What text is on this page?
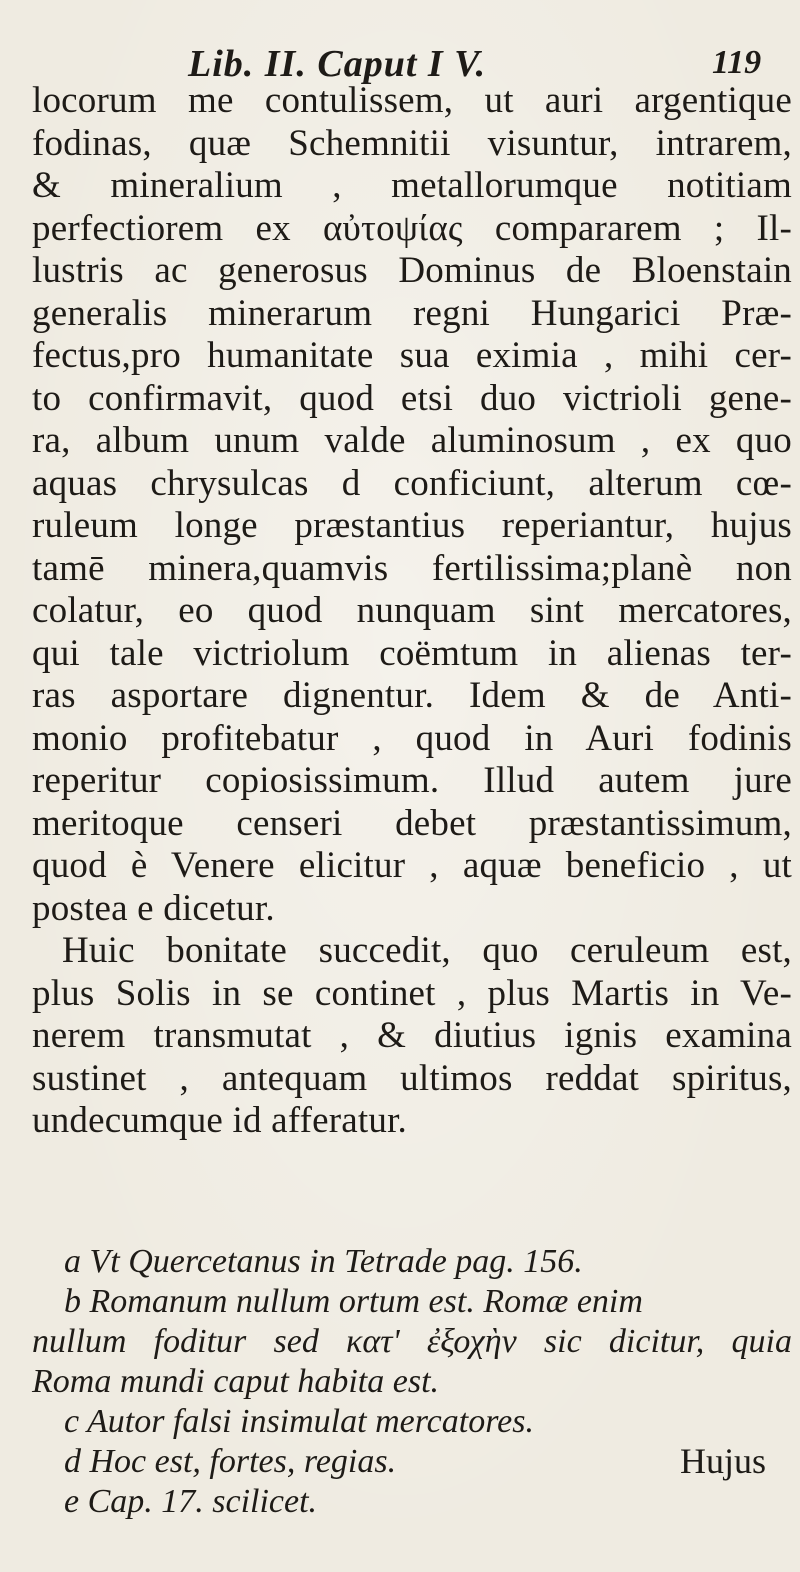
Lib. II. Caput I V.	119
locorum me contulissem, ut auri argentique
fodinas, quæ Schemnitii visuntur, intrarem,
& mineralium , metallorumque notitiam
perfectiorem ex αὐτοψίας compararem ; Il-
lustris ac generosus Dominus de Bloenstain
generalis minerarum regni Hungarici Præ-
fectus,pro humanitate sua eximia , mihi cer-
to confirmavit, quod etsi duo victrioli gene-
ra, album unum valde aluminosum , ex quo
aquas chrysulcas d conficiunt, alterum cœ-
ruleum longe præstantius reperiantur, hujus
tamē minera,quamvis fertilissima;planè non
colatur, eo quod nunquam sint mercatores,
qui tale victriolum coëmtum in alienas ter-
ras asportare dignentur. Idem & de Anti-
monio profitebatur , quod in Auri fodinis
reperitur copiosissimum. Illud autem jure
meritoque censeri debet præstantissimum,
quod è Venere elicitur , aquæ beneficio , ut
postea e dicetur.
Huic bonitate succedit, quo ceruleum est,
plus Solis in se continet , plus Martis in Ve-
nerem transmutat , & diutius ignis examina
sustinet , antequam ultimos reddat spiritus,
undecumque id afferatur.
a Vt Quercetanus in Tetrade pag. 156.
b Romanum nullum ortum est. Romæ enim
nullum foditur sed κατ' ἐξοχὴν sic dicitur, quia
Roma mundi caput habita est.
c Autor falsi insimulat mercatores.
d Hoc est, fortes, regias.
e Cap. 17. scilicet.
Hujus
